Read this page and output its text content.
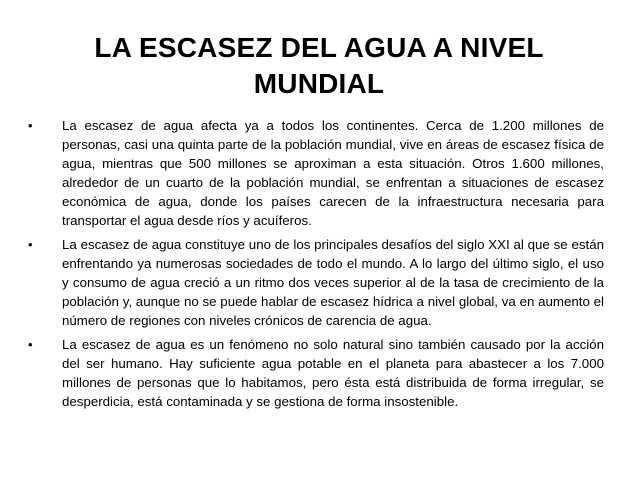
LA ESCASEZ DEL AGUA A NIVEL MUNDIAL
•	La escasez de agua afecta ya a todos los continentes. Cerca de 1.200 millones de personas, casi una quinta parte de la población mundial, vive en áreas de escasez física de agua, mientras que 500 millones se aproximan a esta situación. Otros 1.600 millones, alrededor de un cuarto de la población mundial, se enfrentan a situaciones de escasez económica de agua, donde los países carecen de la infraestructura necesaria para transportar el agua desde ríos y acuíferos.
•	La escasez de agua constituye uno de los principales desafíos del siglo XXI al que se están enfrentando ya numerosas sociedades de todo el mundo. A lo largo del último siglo, el uso y consumo de agua creció a un ritmo dos veces superior al de la tasa de crecimiento de la población y, aunque no se puede hablar de escasez hídrica a nivel global, va en aumento el número de regiones con niveles crónicos de carencia de agua.
•	La escasez de agua es un fenómeno no solo natural sino también causado por la acción del ser humano. Hay suficiente agua potable en el planeta para abastecer a los 7.000 millones de personas que lo habitamos, pero ésta está distribuida de forma irregular, se desperdicia, está contaminada y se gestiona de forma insostenible.
